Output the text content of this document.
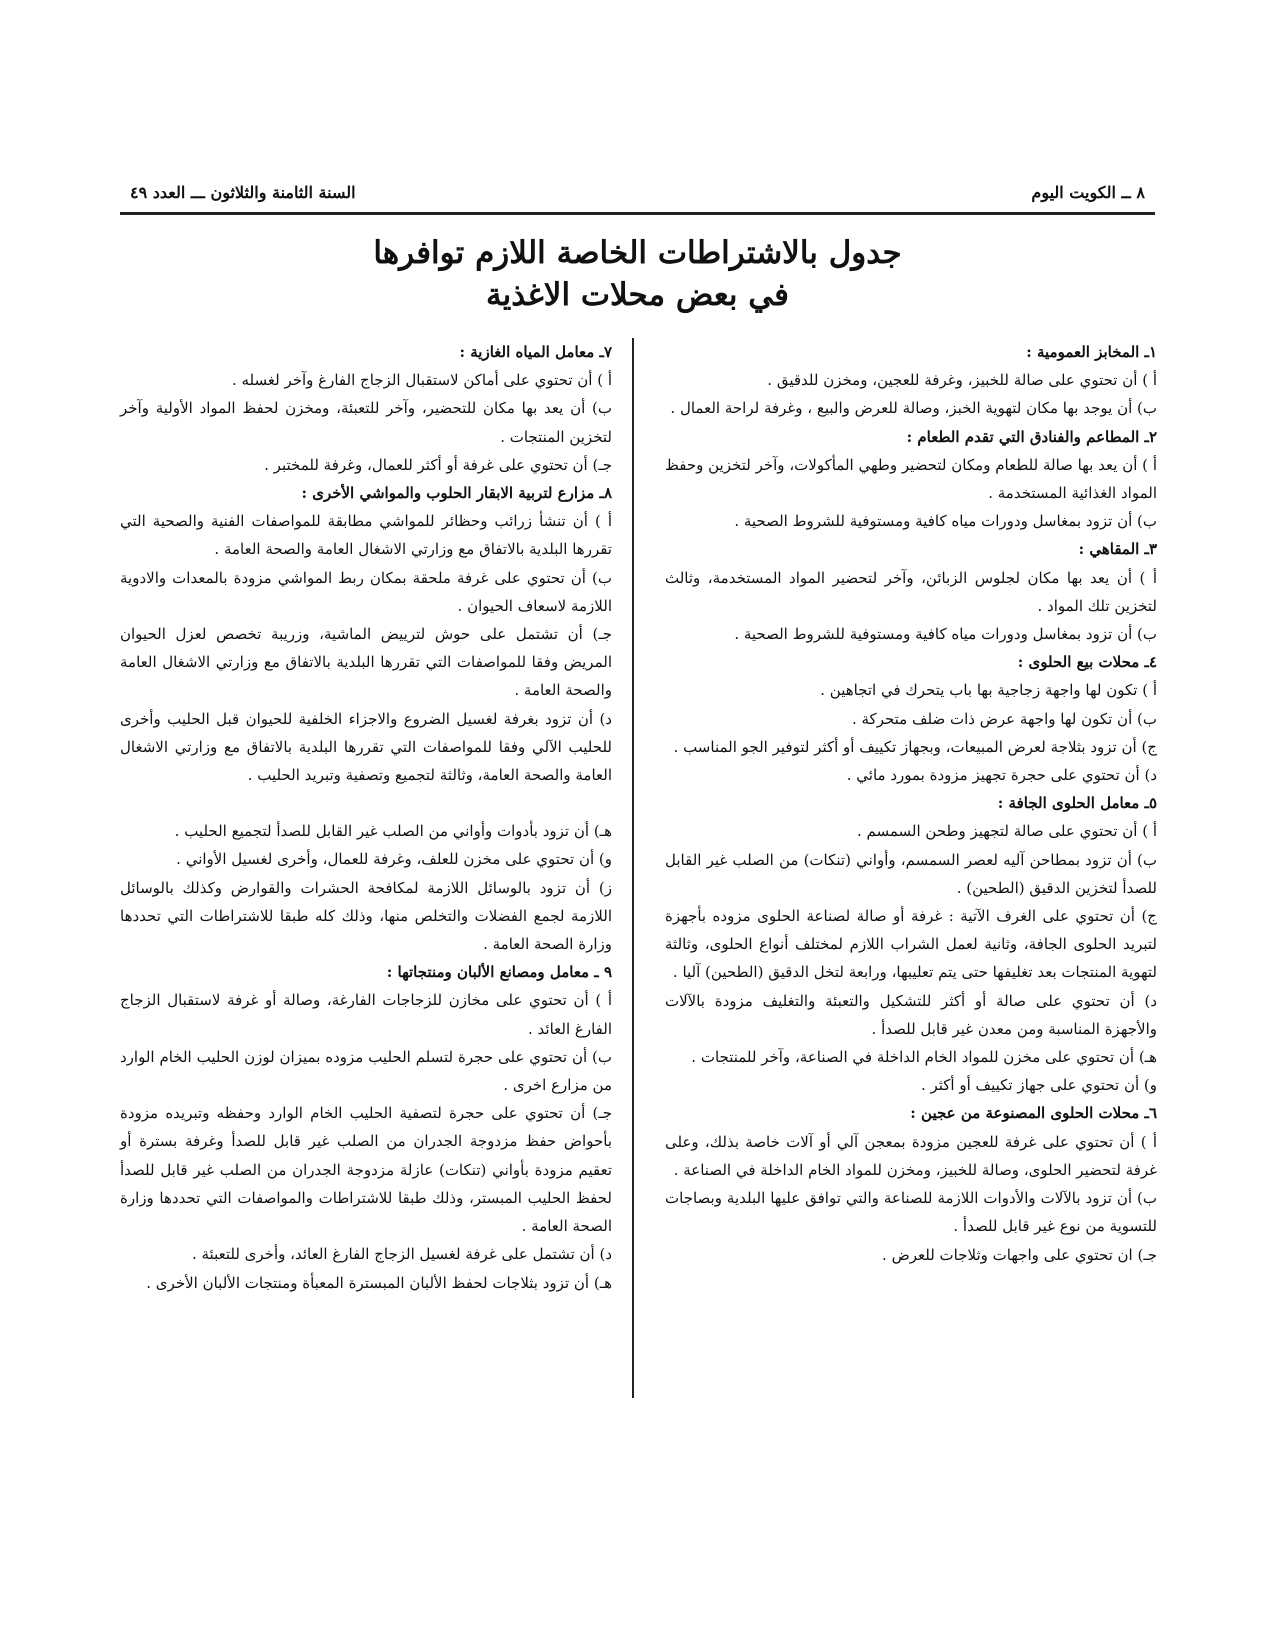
٨ ــ الكويت اليوم
السنة الثامنة والثلاثون ـــ العدد ٤٩
جدول بالاشتراطات الخاصة اللازم توافرها
في بعض محلات الاغذية
١ـ المخابز العمومية :
أ ) أن تحتوي على صالة للخبيز، وغرفة للعجين، ومخزن للدقيق .
ب) أن يوجد بها مكان لتهوية الخبز، وصالة للعرض والبيع ، وغرفة لراحة العمال .
٢ـ المطاعم والفنادق التي تقدم الطعام :
أ ) أن يعد بها صالة للطعام ومكان لتحضير وطهي المأكولات، وآخر لتخزين وحفظ المواد الغذائية المستخدمة .
ب) أن تزود بمغاسل ودورات مياه كافية ومستوفية للشروط الصحية .
٣ـ المقاهي :
أ ) أن يعد بها مكان لجلوس الزبائن، وآخر لتحضير المواد المستخدمة، وثالث لتخزين تلك المواد .
ب) أن تزود بمغاسل ودورات مياه كافية ومستوفية للشروط الصحية .
٤ـ محلات بيع الحلوى :
أ ) تكون لها واجهة زجاجية بها باب يتحرك في اتجاهين .
ب) أن تكون لها واجهة عرض ذات ضلف متحركة .
ج) أن تزود بثلاجة لعرض المبيعات، وبجهاز تكييف أو أكثر لتوفير الجو المناسب .
د) أن تحتوي على حجرة تجهيز مزودة بمورد مائي .
٥ـ معامل الحلوى الجافة :
أ ) أن تحتوي على صالة لتجهيز وطحن السمسم .
ب) أن تزود بمطاحن آليه لعصر السمسم، وأواني (تنكات) من الصلب غير القابل للصدأ لتخزين الدقيق (الطحين) .
ج) أن تحتوي على الغرف الآتية : غرفة أو صالة لصناعة الحلوى مزوده بأجهزة لتبريد الحلوى الجافة، وثانية لعمل الشراب اللازم لمختلف أنواع الحلوى، وثالثة لتهوية المنتجات بعد تغليفها حتى يتم تعليبها، ورابعة لتخل الدقيق (الطحين) آليا .
د) أن تحتوي على صالة أو أكثر للتشكيل والتعبئة والتغليف مزودة بالآلات والأجهزة المناسبة ومن معدن غير قابل للصدأ .
هـ) أن تحتوي على مخزن للمواد الخام الداخلة في الصناعة، وآخر للمنتجات .
و) أن تحتوي على جهاز تكييف أو أكثر .
٦ـ محلات الحلوى المصنوعة من عجين :
أ ) أن تحتوي على غرفة للعجين مزودة بمعجن آلي أو آلات خاصة بذلك، وعلى غرفة لتحضير الحلوى، وصالة للخبيز، ومخزن للمواد الخام الداخلة في الصناعة .
ب) أن تزود بالآلات والأدوات اللازمة للصناعة والتي توافق عليها البلدية وبصاجات للتسوية من نوع غير قابل للصدأ .
جـ) ان تحتوي على واجهات وثلاجات للعرض .
٧ـ معامل المياه الغازية :
أ ) أن تحتوي على أماكن لاستقبال الزجاج الفارغ وآخر لغسله .
ب) أن يعد بها مكان للتحضير، وآخر للتعبئة، ومخزن لحفظ المواد الأولية وآخر لتخزين المنتجات .
جـ) أن تحتوي على غرفة أو أكثر للعمال، وغرفة للمختبر .
٨ـ مزارع لتربية الابقار الحلوب والمواشي الأخرى :
أ ) أن تنشأ زرائب وحظائر للمواشي مطابقة للمواصفات الفنية والصحية التي تقررها البلدية بالاتفاق مع وزارتي الاشغال العامة والصحة العامة .
ب) أن تحتوي على غرفة ملحقة بمكان ربط المواشي مزودة بالمعدات والادوية اللازمة لاسعاف الحيوان .
جـ) أن تشتمل على حوش لترييض الماشية، وزريبة تخصص لعزل الحيوان المريض وفقا للمواصفات التي تقررها البلدية بالاتفاق مع وزارتي الاشغال العامة والصحة العامة .
د) أن تزود بغرفة لغسيل الضروع والاجزاء الخلفية للحيوان قبل الحليب وأخرى للحليب الآلي وفقا للمواصفات التي تقررها البلدية بالاتفاق مع وزارتي الاشغال العامة والصحة العامة، وثالثة لتجميع وتصفية وتبريد الحليب .
هـ) أن تزود بأدوات وأواني من الصلب غير القابل للصدأ لتجميع الحليب .
و) أن تحتوي على مخزن للعلف، وغرفة للعمال، وأخرى لغسيل الأواني .
ز) أن تزود بالوسائل اللازمة لمكافحة الحشرات والقوارض وكذلك بالوسائل اللازمة لجمع الفضلات والتخلص منها، وذلك كله طبقا للاشتراطات التي تحددها وزارة الصحة العامة .
٩ ـ معامل ومصانع الألبان ومنتجاتها :
أ ) أن تحتوي على مخازن للزجاجات الفارغة، وصالة أو غرفة لاستقبال الزجاج الفارغ العائد .
ب) أن تحتوي على حجرة لتسلم الحليب مزوده بميزان لوزن الحليب الخام الوارد من مزارع اخرى .
جـ) أن تحتوي على حجرة لتصفية الحليب الخام الوارد وحفظه وتبريده مزودة بأحواض حفظ مزدوجة الجدران من الصلب غير قابل للصدأ وغرفة بسترة أو تعقيم مزودة بأواني (تنكات) عازلة مزدوجة الجدران من الصلب غير قابل للصدأ لحفظ الحليب المبستر، وذلك طبقا للاشتراطات والمواصفات التي تحددها وزارة الصحة العامة .
د) أن تشتمل على غرفة لغسيل الزجاج الفارغ العائد، وأخرى للتعبئة .
هـ) أن تزود بثلاجات لحفظ الألبان المبسترة المعبأة ومنتجات الألبان الأخرى .
